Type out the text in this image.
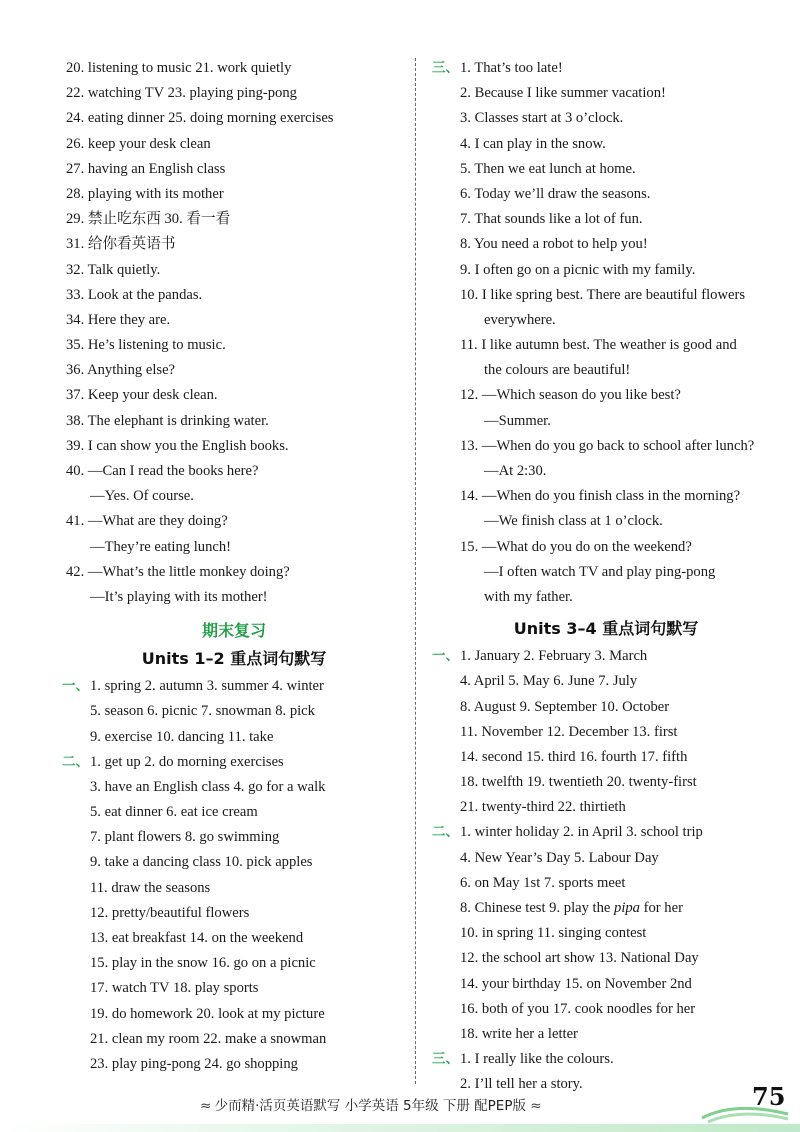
20. listening to music 21. work quietly
22. watching TV 23. playing ping-pong
24. eating dinner 25. doing morning exercises
26. keep your desk clean
27. having an English class
28. playing with its mother
29. 禁止吃东西 30. 看一看
31. 给你看英语书
32. Talk quietly.
33. Look at the pandas.
34. Here they are.
35. He’s listening to music.
36. Anything else?
37. Keep your desk clean.
38. The elephant is drinking water.
39. I can show you the English books.
40. —Can I read the books here?
—Yes. Of course.
41. —What are they doing?
—They’re eating lunch!
42. —What’s the little monkey doing?
—It’s playing with its mother!
期末复习
Units 1–2 重点词句默写
一、 1. spring 2. autumn 3. summer 4. winter
5. season 6. picnic 7. snowman 8. pick
9. exercise 10. dancing 11. take
二、 1. get up 2. do morning exercises
3. have an English class 4. go for a walk
5. eat dinner 6. eat ice cream
7. plant flowers 8. go swimming
9. take a dancing class 10. pick apples
11. draw the seasons
12. pretty/beautiful flowers
13. eat breakfast 14. on the weekend
15. play in the snow 16. go on a picnic
17. watch TV 18. play sports
19. do homework 20. look at my picture
21. clean my room 22. make a snowman
23. play ping-pong 24. go shopping
三、 1. That’s too late!
2. Because I like summer vacation!
3. Classes start at 3 o’clock.
4. I can play in the snow.
5. Then we eat lunch at home.
6. Today we’ll draw the seasons.
7. That sounds like a lot of fun.
8. You need a robot to help you!
9. I often go on a picnic with my family.
10. I like spring best. There are beautiful flowers
everywhere.
11. I like autumn best. The weather is good and
the colours are beautiful!
12. —Which season do you like best?
—Summer.
13. —When do you go back to school after lunch?
—At 2:30.
14. —When do you finish class in the morning?
—We finish class at 1 o’clock.
15. —What do you do on the weekend?
—I often watch TV and play ping-pong
with my father.
Units 3–4 重点词句默写
一、 1. January 2. February 3. March
4. April 5. May 6. June 7. July
8. August 9. September 10. October
11. November 12. December 13. first
14. second 15. third 16. fourth 17. fifth
18. twelfth 19. twentieth 20. twenty-first
21. twenty-third 22. thirtieth
二、 1. winter holiday 2. in April 3. school trip
4. New Year’s Day 5. Labour Day
6. on May 1st 7. sports meet
8. Chinese test 9. play the pipa for her
10. in spring 11. singing contest
12. the school art show 13. National Day
14. your birthday 15. on November 2nd
16. both of you 17. cook noodles for her
18. write her a letter
三、 1. I really like the colours.
2. I’ll tell her a story.
≈ 少而精·活页英语默写 小学英语 5年级 下册 配PEP版 ≈	75
